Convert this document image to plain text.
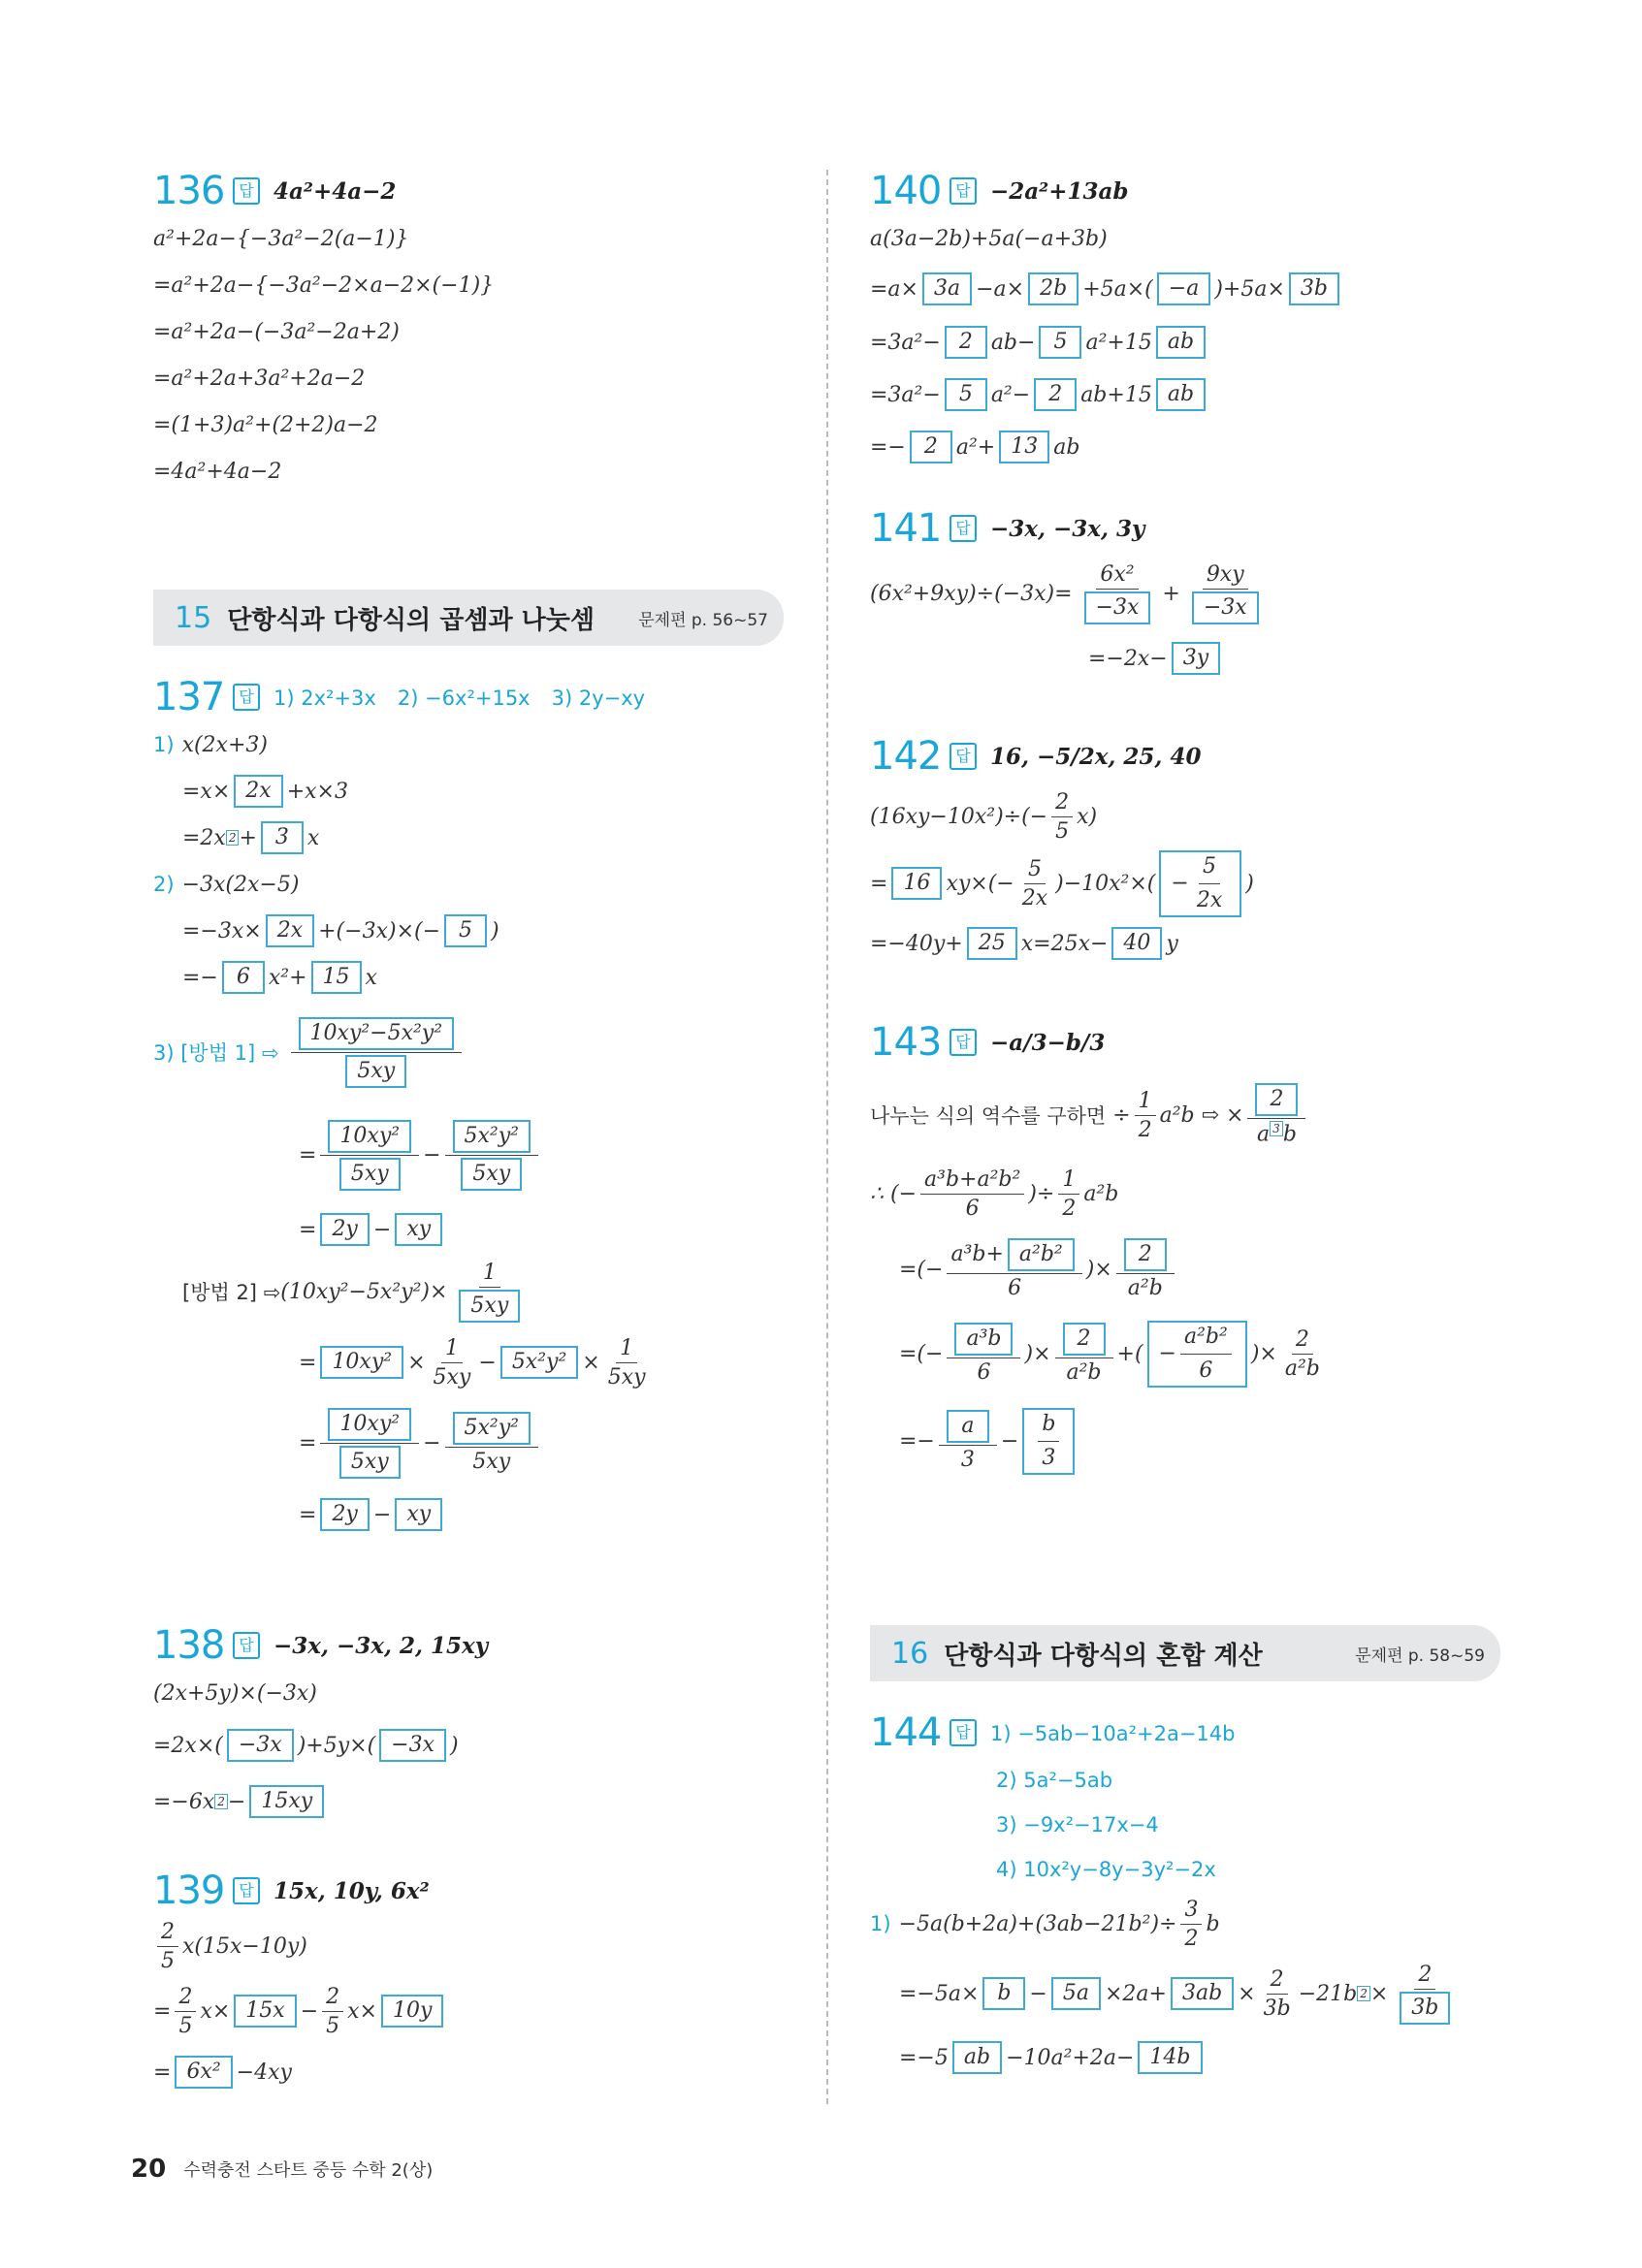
136 답 4a²+4a−2
a²+2a−{−3a²−2(a−1)}
=a²+2a−{−3a²−2×a−2×(−1)}
=a²+2a−(−3a²−2a+2)
=a²+2a+3a²+2a−2
=(1+3)a²+(2+2)a−2
=4a²+4a−2
15 단항식과 다항식의 곱셈과 나눗셈	문제편 p. 56~57
137 답 1) 2x²+3x 2) −6x²+15x 3) 2y−xy
1) x(2x+3)
=x× 2x +x×3
=2x 2 + 3 x
2) −3x(2x−5)
=−3x× 2x +(−3x)×(− 5 )
=− 6 x²+ 15 x
3) [방법 1] ⇨ $\frac{\text{10xy²−5x²y²}}{5xy}$
= $\frac{\text{10xy²}}{5xy} - \frac{\text{5x²y²}}{5xy}$
= 2y − xy
[방법 2] ⇨ $(10xy^2-5x^2y^2)\times \frac{1}{5xy}$
= $10xy^2 \times \frac{1}{5xy} - 5x^2y^2 \times \frac{1}{5xy}$
= $\frac{\text{10xy²}}{5xy} - \frac{\text{5x²y²}}{5xy}$
= 2y − xy
138 답 −3x, −3x, 2, 15xy
(2x+5y)×(−3x)
=2x×( −3x )+5y×( −3x )
=−6x 2 − 15xy
139 답 15x, 10y, 6x²
$\frac{2}{5} x(15x-10y)$
= $\frac{2}{5} x\times 15x - \frac{2}{5} x\times 10y$
= 6x² −4xy
140 답 −2a²+13ab
a(3a−2b)+5a(−a+3b)
=a× 3a −a× 2b +5a×( −a )+5a× 3b
=3a²− 2 ab− 5 a²+15 ab
=3a²− 5 a²− 2 ab+15 ab
=− 2 a²+ 13 ab
141 답 −3x, −3x, 3y
$(6x^2+9xy)\div(-3x)= \frac{\text{6x²}}{-3x} + \frac{9xy}{-3x}$
=−2x− 3y
142 답 16, −5/2x, 25, 40
(16xy−10x²)÷ (− $\frac{2}{5} x$)
= 16 $xy\times(- \frac{5}{2x} )-10x^2\times( - \frac{5}{2x}$ )
=−40y+ 25 x=25x− 40 y
143 답 −a/3−b/3
나누는 식의 역수를 구하면 ÷ $\frac{1}{2} a^2b$ ⇨ × $\frac{2}{a 3 b}$
∴ (− $\frac{\text{a³b+a²b²}}{6}$ )÷ $\frac{1}{2} a^2b$
=(− $\frac{\text{a³b+ a²b²}}{6}$ )× $\frac{2}{\text{a²b}}$
=(− $\frac{\text{a³b}}{6}$ )× $\frac{2}{\text{a²b}}$ +( − $\frac{\text{a²b²}}{6}$ )× $\frac{2}{\text{a²b}}$
=− $\frac{a}{3} - \frac{b}{3}$
16 단항식과 다항식의 혼합 계산	문제편 p. 58~59
144 답 1) −5ab−10a²+2a−14b
2) 5a²−5ab
3) −9x²−17x−4
4) 10x²y−8y−3y²−2x
$1) -5a(b+2a)+(3ab-21b^2)\div \frac{3}{2}$ b
$=-5a\times b - 5a \times 2a+ 3ab \times \frac{2}{3b} -21b$ $2 \times \frac{2}{3b}$
=−5 ab −10a²+2a− 14b
20 수력충전 스타트 중등 수학 2(상)
